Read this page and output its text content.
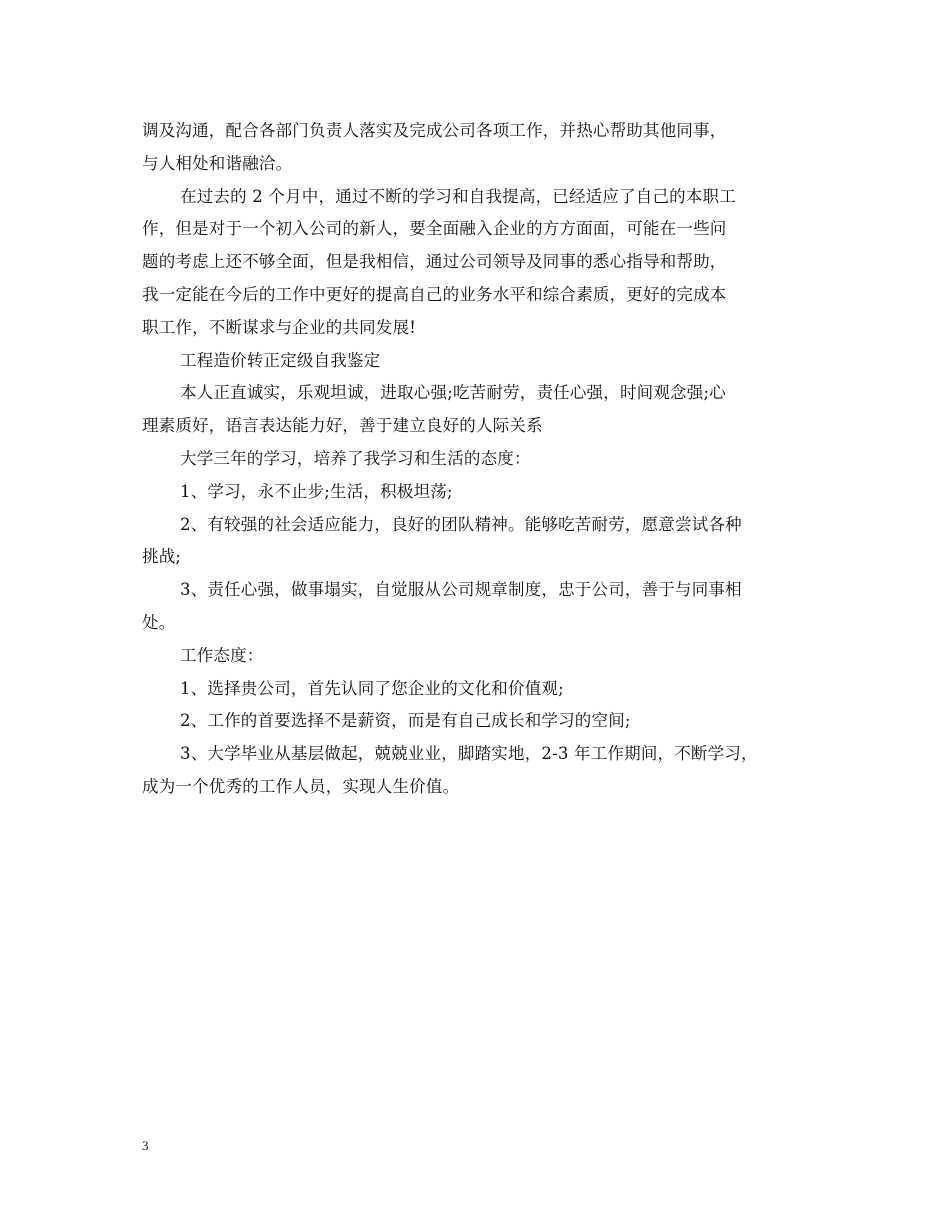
调及沟通，配合各部门负责人落实及完成公司各项工作，并热心帮助其他同事，
与人相处和谐融洽。

在过去的 2 个月中，通过不断的学习和自我提高，已经适应了自己的本职工
作，但是对于一个初入公司的新人，要全面融入企业的方方面面，可能在一些问
题的考虑上还不够全面，但是我相信，通过公司领导及同事的悉心指导和帮助，
我一定能在今后的工作中更好的提高自己的业务水平和综合素质，更好的完成本
职工作，不断谋求与企业的共同发展!

工程造价转正定级自我鉴定

本人正直诚实，乐观坦诚，进取心强;吃苦耐劳，责任心强，时间观念强;心
理素质好，语言表达能力好，善于建立良好的人际关系

大学三年的学习，培养了我学习和生活的态度：

1、学习，永不止步;生活，积极坦荡;

2、有较强的社会适应能力，良好的团队精神。能够吃苦耐劳，愿意尝试各种
挑战;

3、责任心强，做事塌实，自觉服从公司规章制度，忠于公司，善于与同事相
处。

工作态度：

1、选择贵公司，首先认同了您企业的文化和价值观;

2、工作的首要选择不是薪资，而是有自己成长和学习的空间;

3、大学毕业从基层做起，兢兢业业，脚踏实地，2-3 年工作期间，不断学习，
成为一个优秀的工作人员，实现人生价值。

3
